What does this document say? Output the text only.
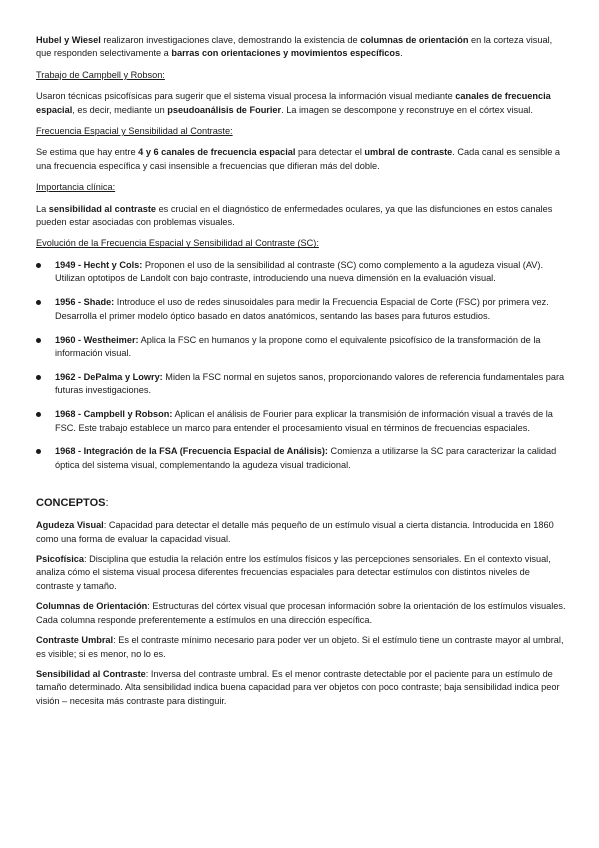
Hubel y Wiesel realizaron investigaciones clave, demostrando la existencia de columnas de orientación en la corteza visual, que responden selectivamente a barras con orientaciones y movimientos específicos.

Trabajo de Campbell y Robson:

Usaron técnicas psicofísicas para sugerir que el sistema visual procesa la información visual mediante canales de frecuencia espacial, es decir, mediante un pseudoanálisis de Fourier. La imagen se descompone y reconstruye en el córtex visual.

Frecuencia Espacial y Sensibilidad al Contraste:

Se estima que hay entre 4 y 6 canales de frecuencia espacial para detectar el umbral de contraste. Cada canal es sensible a una frecuencia específica y casi insensible a frecuencias que difieran más del doble.

Importancia clínica:

La sensibilidad al contraste es crucial en el diagnóstico de enfermedades oculares, ya que las disfunciones en estos canales pueden estar asociadas con problemas visuales.

Evolución de la Frecuencia Espacial y Sensibilidad al Contraste (SC):

1949 - Hecht y Cols: Proponen el uso de la sensibilidad al contraste (SC) como complemento a la agudeza visual (AV). Utilizan optotipos de Landolt con bajo contraste, introduciendo una nueva dimensión en la evaluación visual.

1956 - Shade: Introduce el uso de redes sinusoidales para medir la Frecuencia Espacial de Corte (FSC) por primera vez. Desarrolla el primer modelo óptico basado en datos anatómicos, sentando las bases para futuros estudios.

1960 - Westheimer: Aplica la FSC en humanos y la propone como el equivalente psicofísico de la transformación de la información visual.

1962 - DePalma y Lowry: Miden la FSC normal en sujetos sanos, proporcionando valores de referencia fundamentales para futuras investigaciones.

1968 - Campbell y Robson: Aplican el análisis de Fourier para explicar la transmisión de información visual a través de la FSC. Este trabajo establece un marco para entender el procesamiento visual en términos de frecuencias espaciales.

1968 - Integración de la FSA (Frecuencia Espacial de Análisis): Comienza a utilizarse la SC para caracterizar la calidad óptica del sistema visual, complementando la agudeza visual tradicional.

CONCEPTOS:

Agudeza Visual: Capacidad para detectar el detalle más pequeño de un estímulo visual a cierta distancia. Introducida en 1860 como una forma de evaluar la capacidad visual.

Psicofísica: Disciplina que estudia la relación entre los estímulos físicos y las percepciones sensoriales. En el contexto visual, analiza cómo el sistema visual procesa diferentes frecuencias espaciales para detectar estímulos con distintos niveles de contraste y tamaño.

Columnas de Orientación: Estructuras del córtex visual que procesan información sobre la orientación de los estímulos visuales. Cada columna responde preferentemente a estímulos en una dirección específica.

Contraste Umbral: Es el contraste mínimo necesario para poder ver un objeto. Si el estímulo tiene un contraste mayor al umbral, es visible; si es menor, no lo es.

Sensibilidad al Contraste: Inversa del contraste umbral. Es el menor contraste detectable por el paciente para un estímulo de tamaño determinado. Alta sensibilidad indica buena capacidad para ver objetos con poco contraste; baja sensibilidad indica peor visión – necesita más contraste para distinguir.
